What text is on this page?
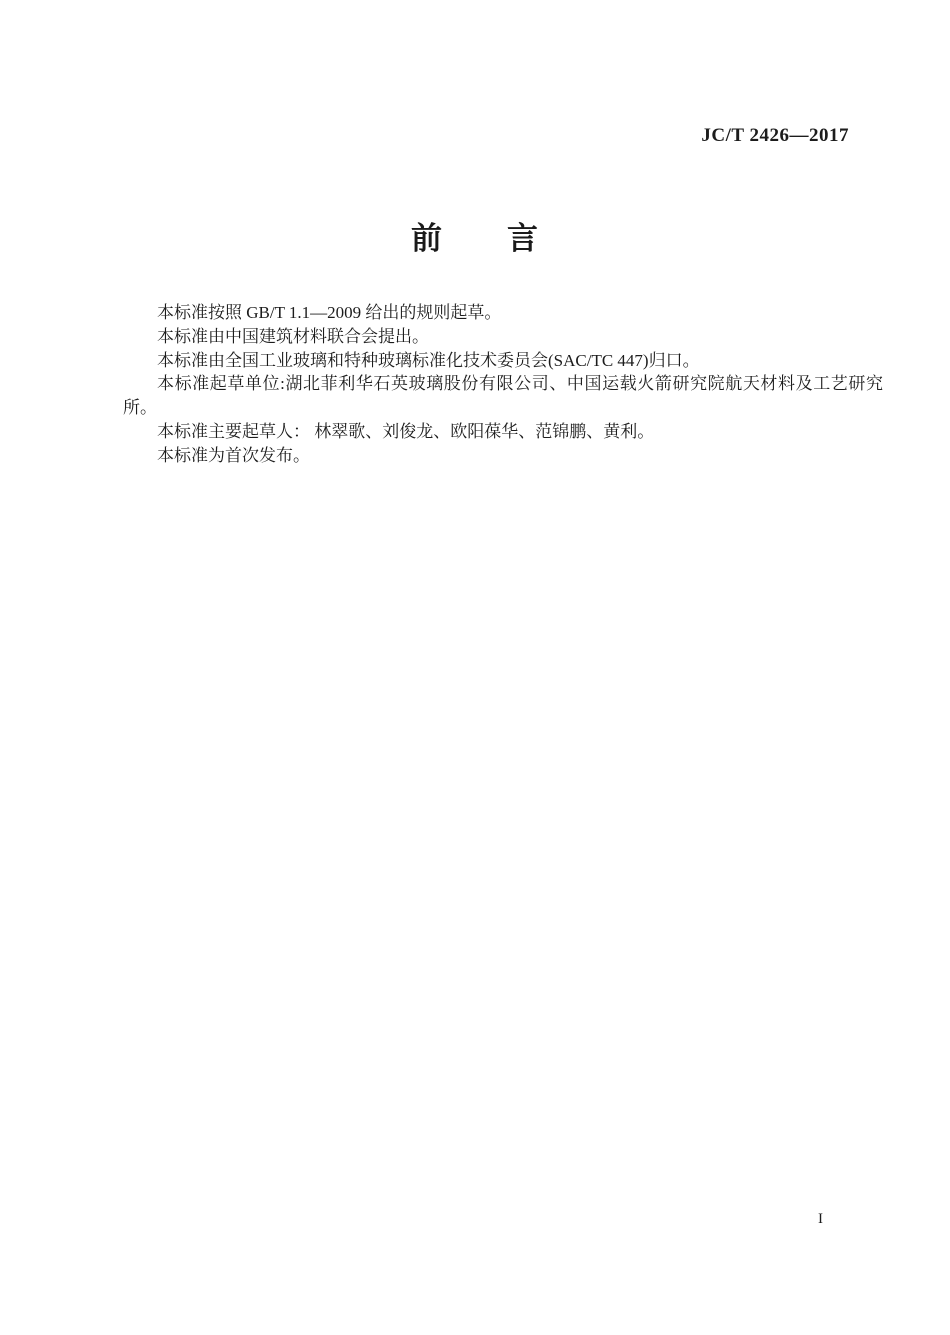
JC/T 2426—2017
前　　言

本标准按照 GB/T 1.1—2009 给出的规则起草。

本标准由中国建筑材料联合会提出。

本标准由全国工业玻璃和特种玻璃标准化技术委员会(SAC/TC 447)归口。

本标准起草单位:湖北菲利华石英玻璃股份有限公司、中国运载火箭研究院航天材料及工艺研究所。

本标准主要起草人： 林翠歌、刘俊龙、欧阳葆华、范锦鹏、黄利。

本标准为首次发布。

I
